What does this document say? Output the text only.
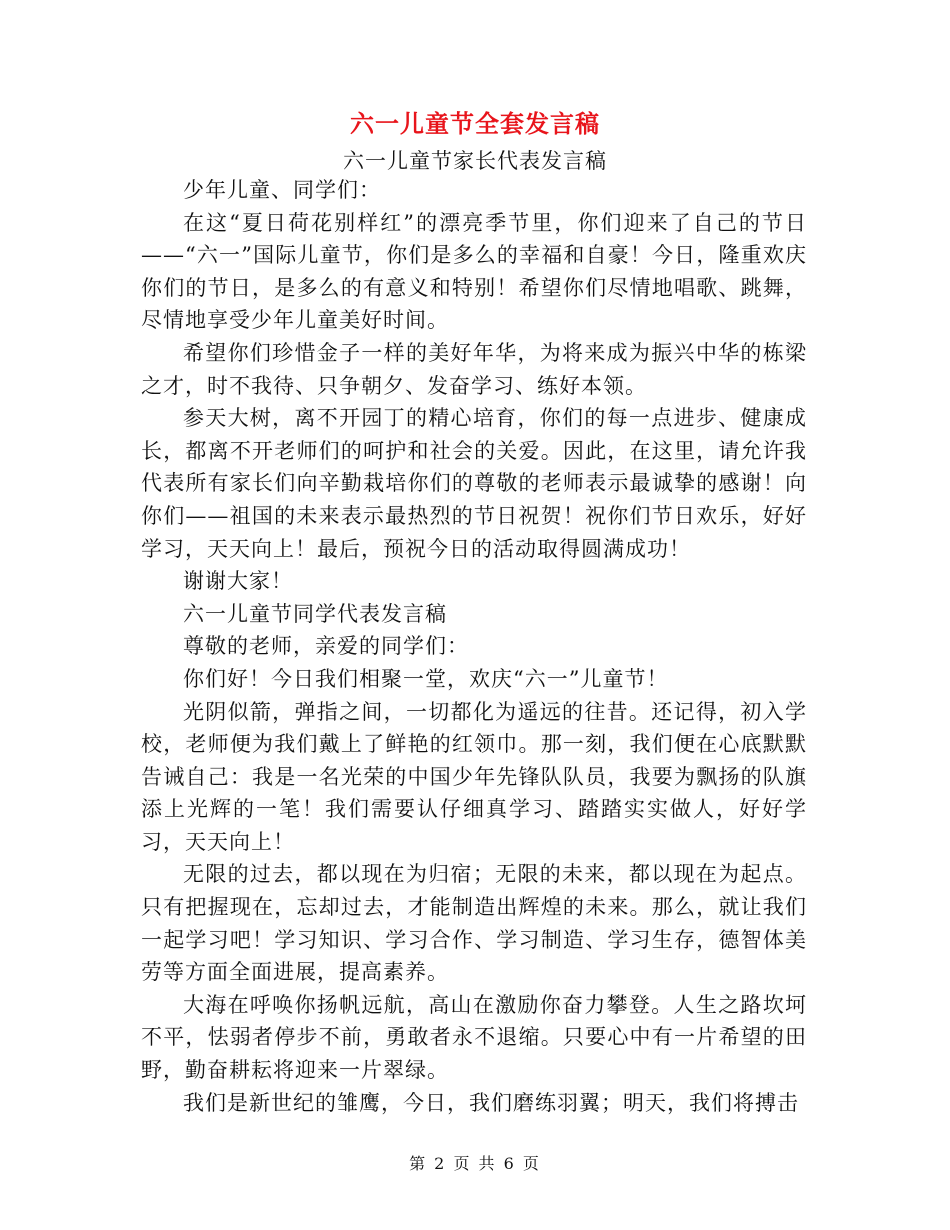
六一儿童节全套发言稿
六一儿童节家长代表发言稿

少年儿童、同学们：

在这“夏日荷花别样红”的漂亮季节里，你们迎来了自己的节日——“六一”国际儿童节，你们是多么的幸福和自豪！今日，隆重欢庆你们的节日，是多么的有意义和特别！希望你们尽情地唱歌、跳舞，尽情地享受少年儿童美好时间。

希望你们珍惜金子一样的美好年华，为将来成为振兴中华的栋梁之才，时不我待、只争朝夕、发奋学习、练好本领。

参天大树，离不开园丁的精心培育，你们的每一点进步、健康成长，都离不开老师们的呵护和社会的关爱。因此，在这里，请允许我代表所有家长们向辛勤栽培你们的尊敬的老师表示最诚挚的感谢！向你们——祖国的未来表示最热烈的节日祝贺！祝你们节日欢乐，好好学习，天天向上！最后，预祝今日的活动取得圆满成功！

谢谢大家！

六一儿童节同学代表发言稿

尊敬的老师，亲爱的同学们：

你们好！今日我们相聚一堂，欢庆“六一”儿童节！

光阴似箭，弹指之间，一切都化为遥远的往昔。还记得，初入学校，老师便为我们戴上了鲜艳的红领巾。那一刻，我们便在心底默默告诫自己：我是一名光荣的中国少年先锋队队员，我要为飘扬的队旗添上光辉的一笔！我们需要认仔细真学习、踏踏实实做人，好好学习，天天向上！

无限的过去，都以现在为归宿；无限的未来，都以现在为起点。只有把握现在，忘却过去，才能制造出辉煌的未来。那么，就让我们一起学习吧！学习知识、学习合作、学习制造、学习生存，德智体美劳等方面全面进展，提高素养。

大海在呼唤你扬帆远航，高山在激励你奋力攀登。人生之路坎坷不平，怯弱者停步不前，勇敢者永不退缩。只要心中有一片希望的田野，勤奋耕耘将迎来一片翠绿。

我们是新世纪的雏鹰，今日，我们磨练羽翼；明天，我们将搏击

第 2 页 共 6 页
